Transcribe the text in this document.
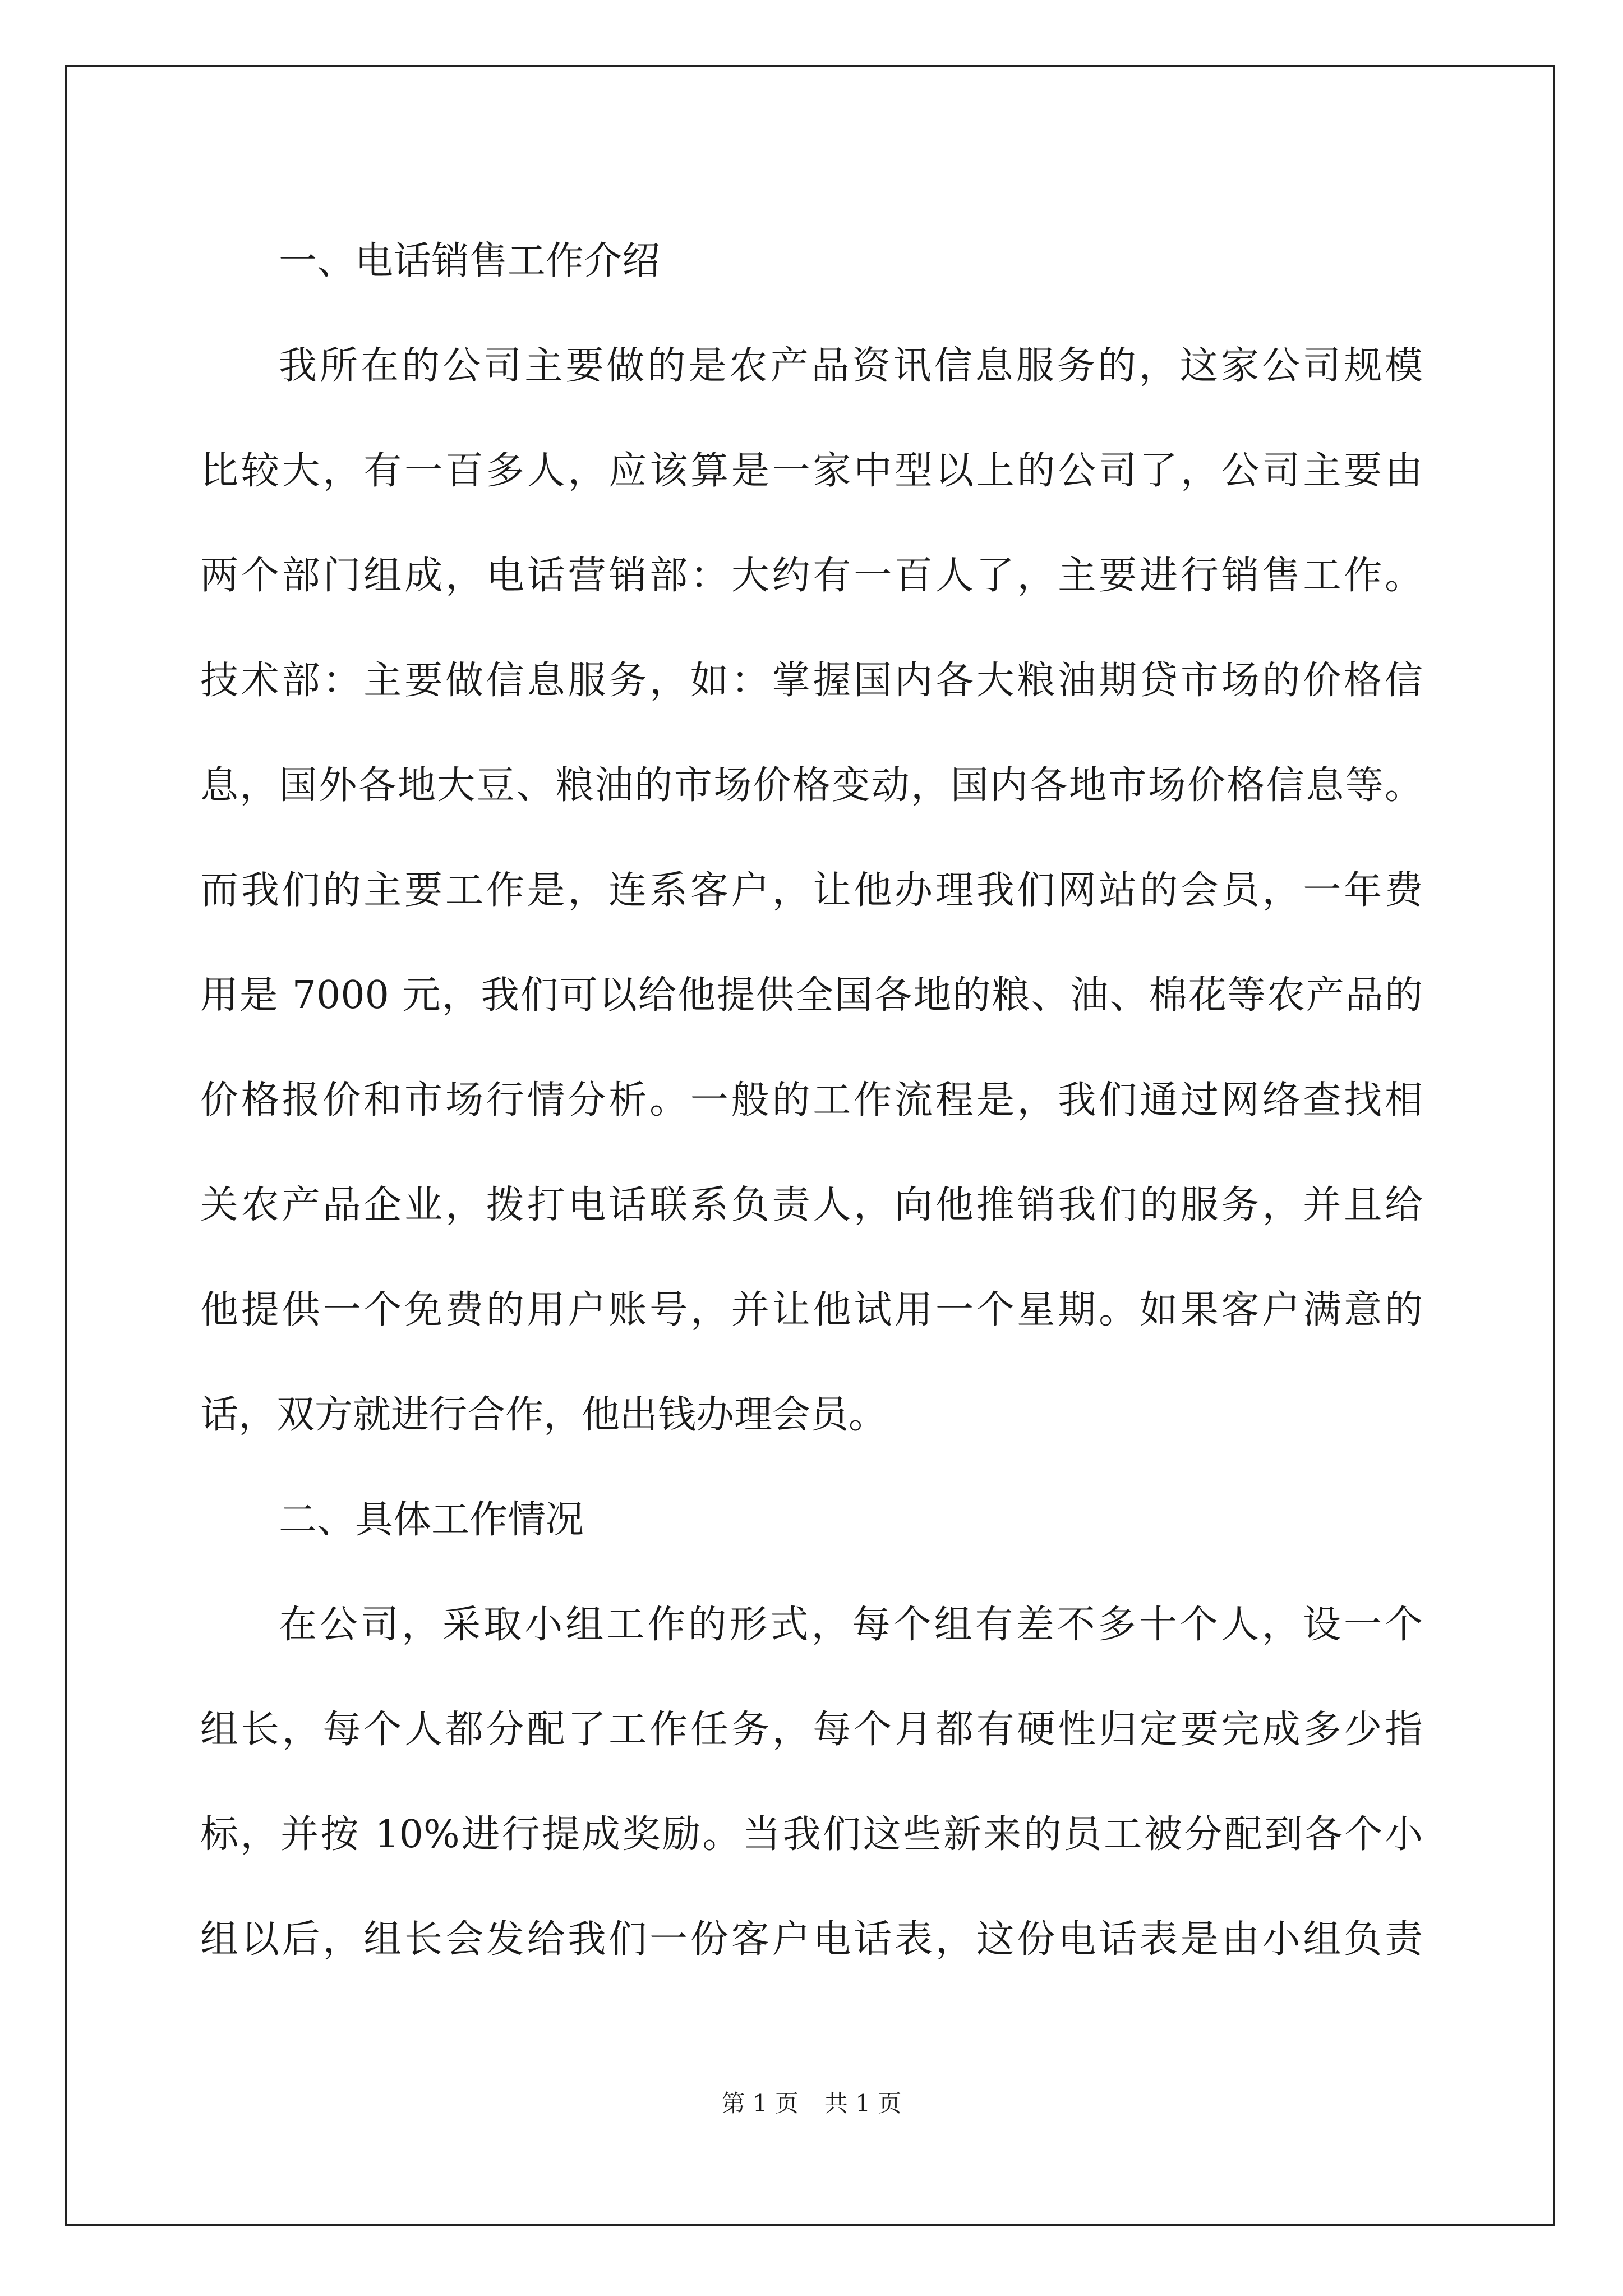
一、电话销售工作介绍
我所在的公司主要做的是农产品资讯信息服务的，这家公司规模
比较大，有一百多人，应该算是一家中型以上的公司了，公司主要由
两个部门组成，电话营销部：大约有一百人了，主要进行销售工作。
技术部：主要做信息服务，如：掌握国内各大粮油期贷市场的价格信
息，国外各地大豆、粮油的市场价格变动，国内各地市场价格信息等。
而我们的主要工作是，连系客户，让他办理我们网站的会员，一年费
用是 7000 元，我们可以给他提供全国各地的粮、油、棉花等农产品的
价格报价和市场行情分析。一般的工作流程是，我们通过网络查找相
关农产品企业，拨打电话联系负责人，向他推销我们的服务，并且给
他提供一个免费的用户账号，并让他试用一个星期。如果客户满意的
话，双方就进行合作，他出钱办理会员。
二、具体工作情况
在公司，采取小组工作的形式，每个组有差不多十个人，设一个
组长，每个人都分配了工作任务，每个月都有硬性归定要完成多少指
标，并按 10%进行提成奖励。当我们这些新来的员工被分配到各个小
组以后，组长会发给我们一份客户电话表，这份电话表是由小组负责
第 1 页 共 1 页
